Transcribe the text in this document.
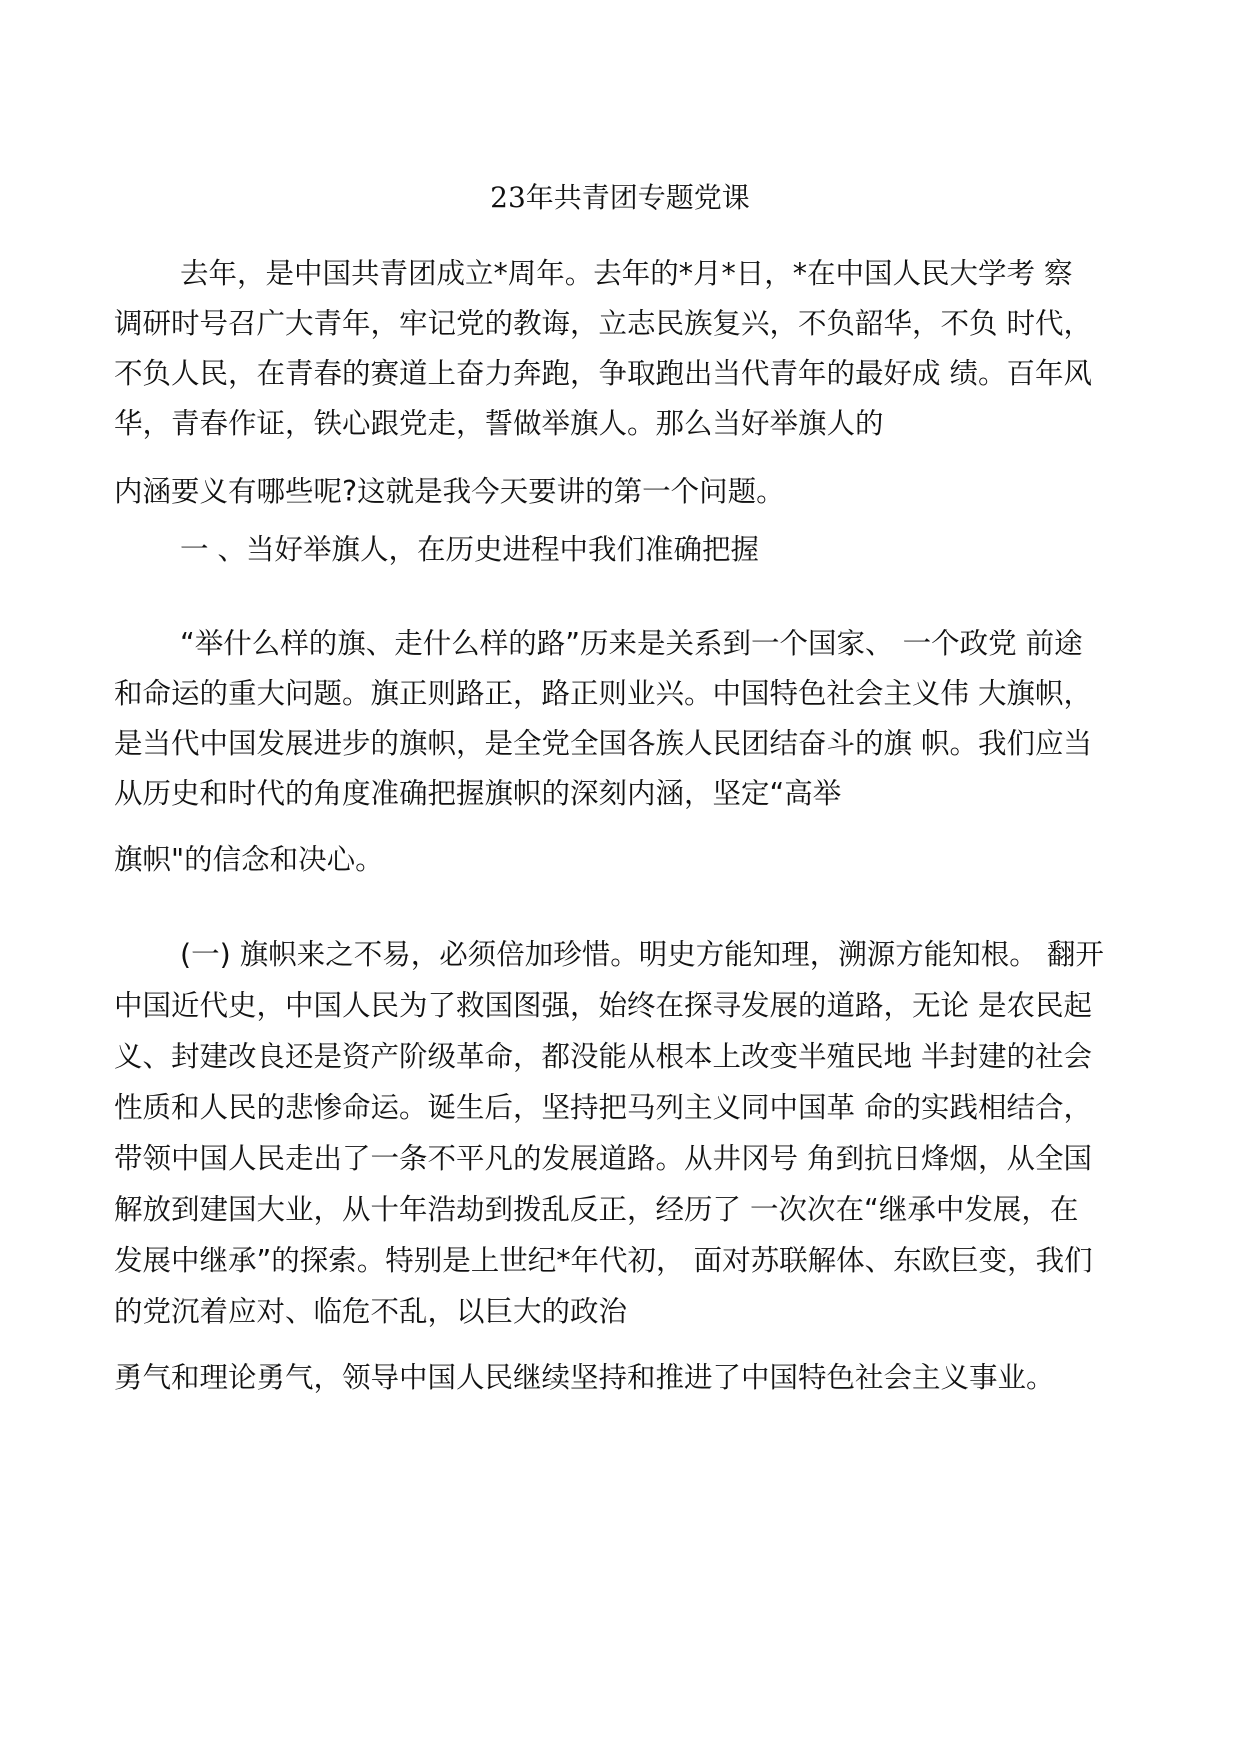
23年共青团专题党课

去年，是中国共青团成立*周年。去年的*月*日，*在中国人民大学考 察

调研时号召广大青年，牢记党的教诲，立志民族复兴，不负韶华，不负 时代，

不负人民，在青春的赛道上奋力奔跑，争取跑出当代青年的最好成 绩。百年风

华，青春作证，铁心跟党走，誓做举旗人。那么当好举旗人的

内涵要义有哪些呢?这就是我今天要讲的第一个问题。

一 、当好举旗人，在历史进程中我们准确把握

“举什么样的旗、走什么样的路”历来是关系到一个国家、 一个政党 前途

和命运的重大问题。旗正则路正，路正则业兴。中国特色社会主义伟 大旗帜，

是当代中国发展进步的旗帜，是全党全国各族人民团结奋斗的旗 帜。我们应当

从历史和时代的角度准确把握旗帜的深刻内涵，坚定“高举

旗帜"的信念和决心。

(一) 旗帜来之不易，必须倍加珍惜。明史方能知理，溯源方能知根。 翻开

中国近代史，中国人民为了救国图强，始终在探寻发展的道路，无论 是农民起

义、封建改良还是资产阶级革命，都没能从根本上改变半殖民地 半封建的社会

性质和人民的悲惨命运。诞生后，坚持把马列主义同中国革 命的实践相结合，

带领中国人民走出了一条不平凡的发展道路。从井冈号 角到抗日烽烟，从全国

解放到建国大业，从十年浩劫到拨乱反正，经历了 一次次在“继承中发展，在

发展中继承”的探索。特别是上世纪*年代初， 面对苏联解体、东欧巨变，我们

的党沉着应对、临危不乱，以巨大的政治

勇气和理论勇气，领导中国人民继续坚持和推进了中国特色社会主义事业。
